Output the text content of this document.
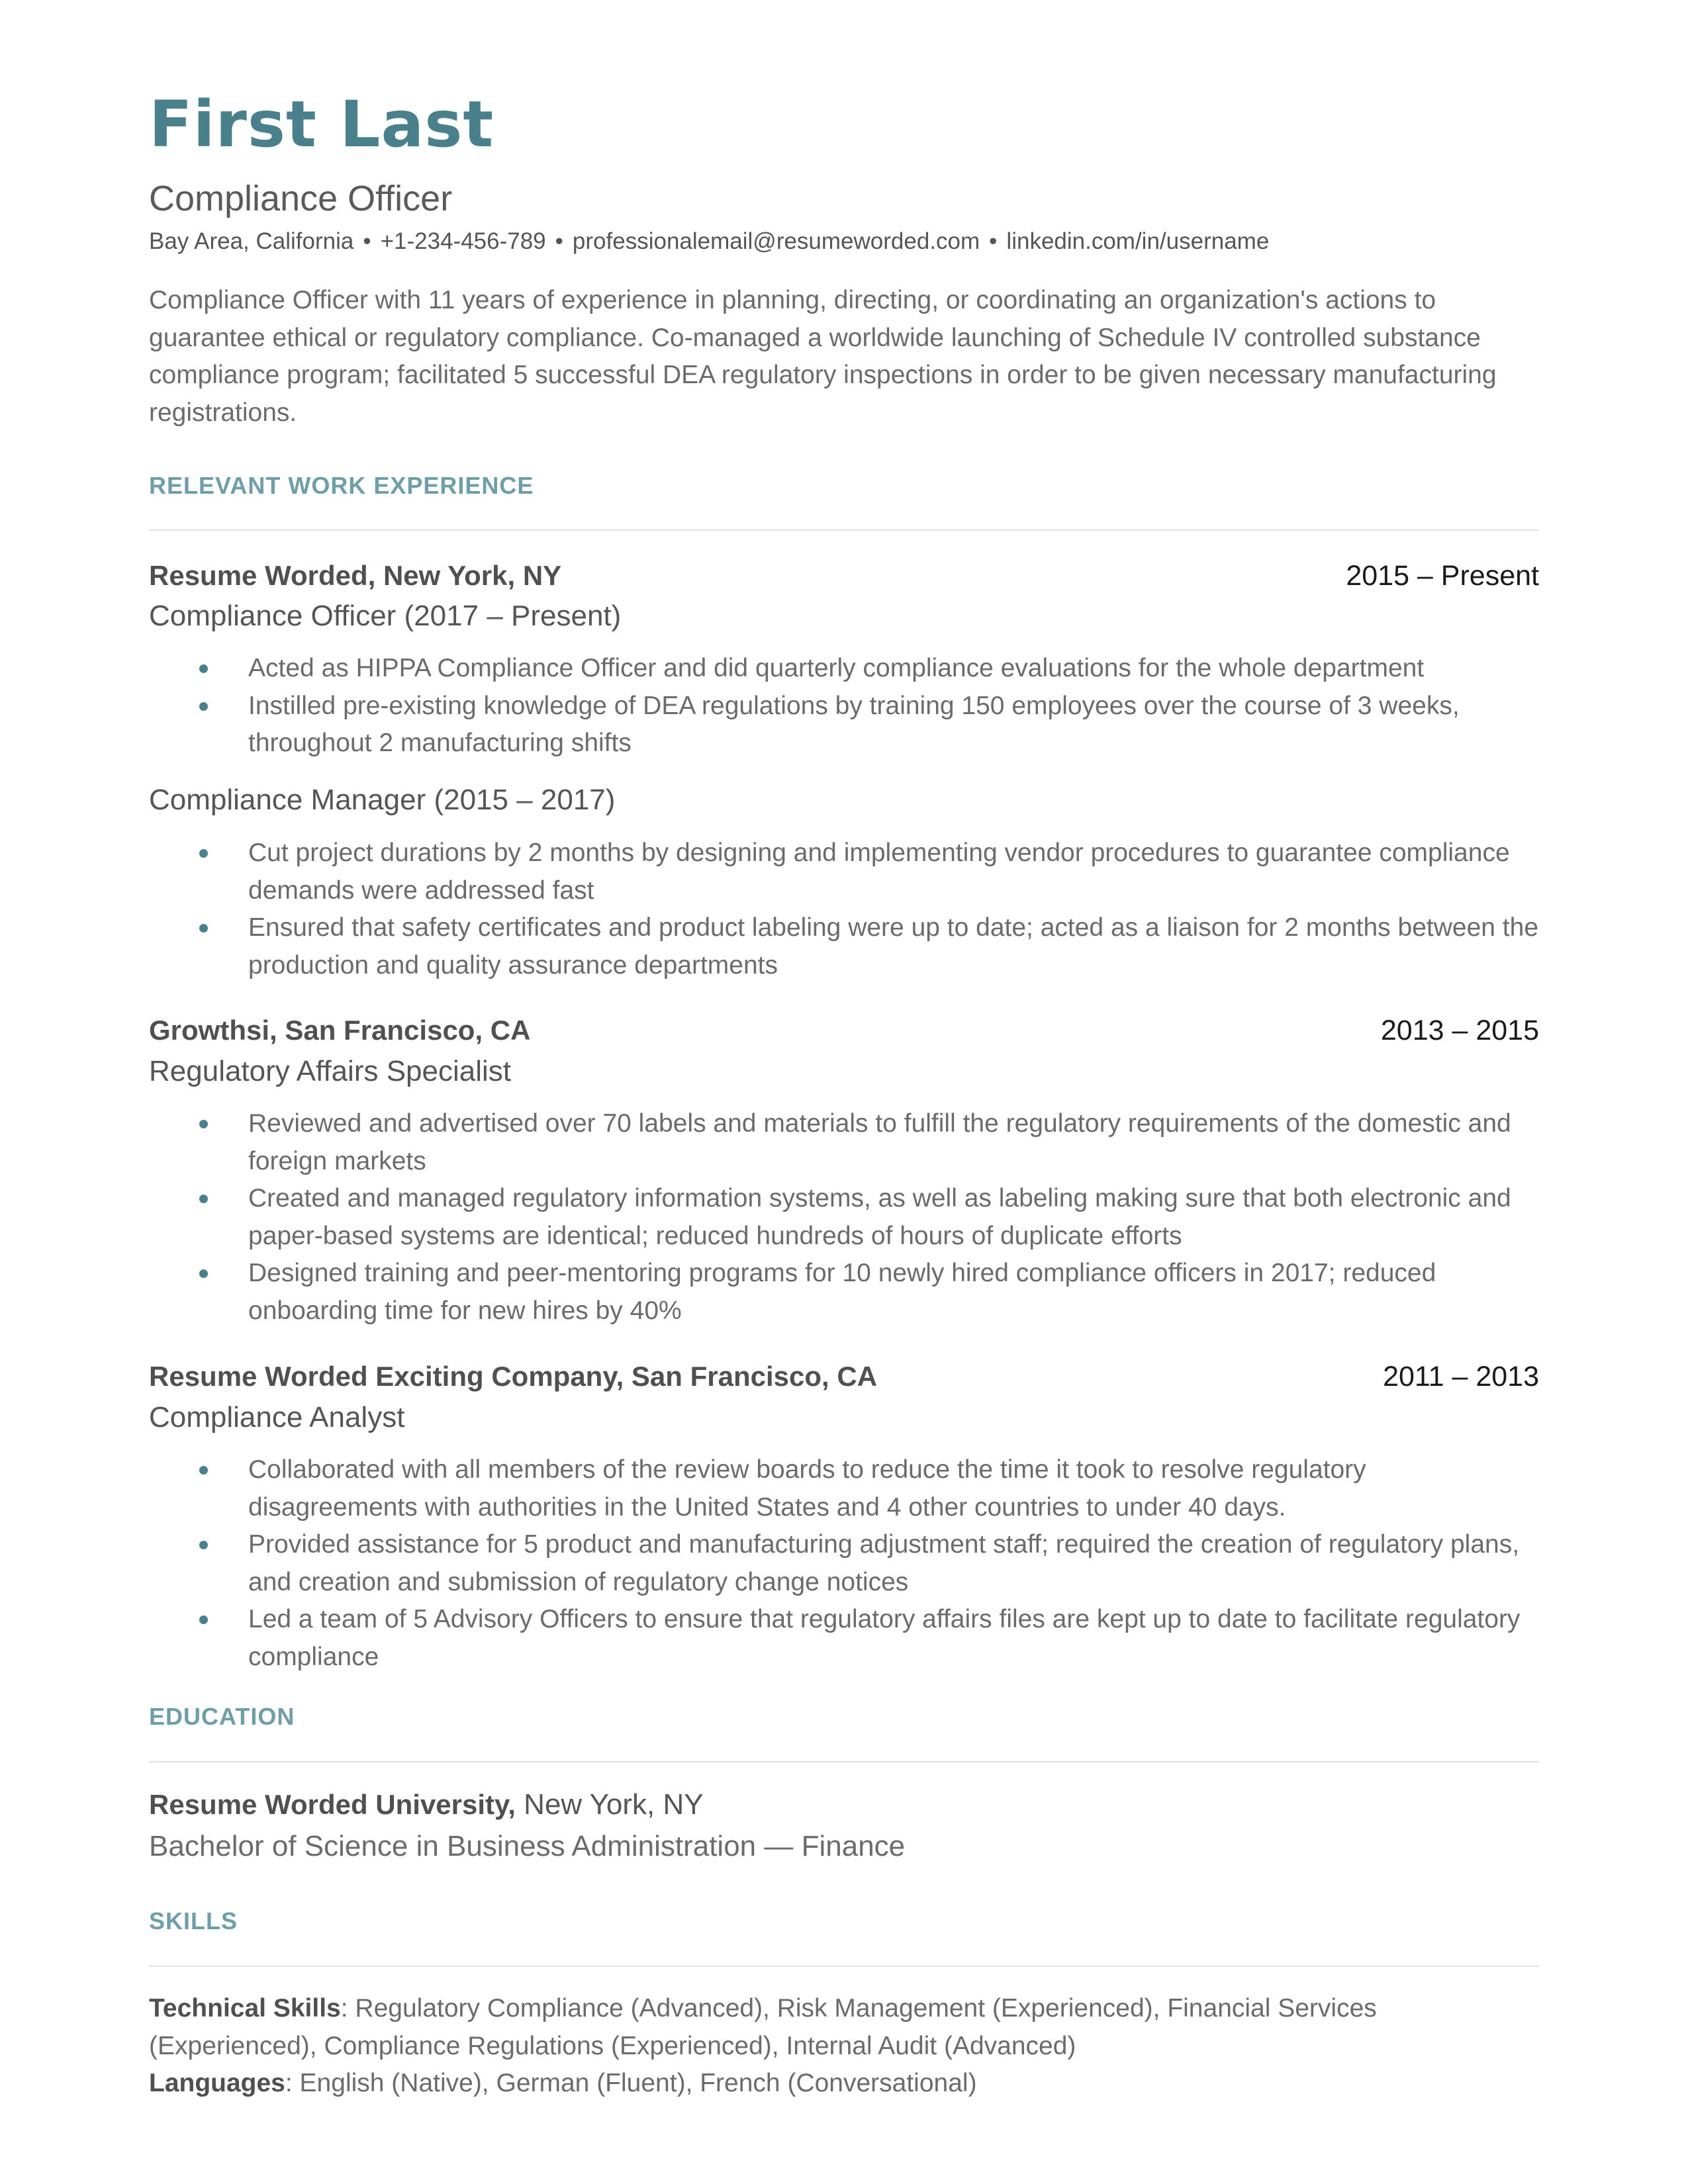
First Last
Compliance Officer
Bay Area, California • +1-234-456-789 • professionalemail@resumeworded.com • linkedin.com/in/username
Compliance Officer with 11 years of experience in planning, directing, or coordinating an organization's actions to guarantee ethical or regulatory compliance. Co-managed a worldwide launching of Schedule IV controlled substance compliance program; facilitated 5 successful DEA regulatory inspections in order to be given necessary manufacturing registrations.
RELEVANT WORK EXPERIENCE
Resume Worded, New York, NY	2015 – Present
Compliance Officer (2017 – Present)
Acted as HIPPA Compliance Officer and did quarterly compliance evaluations for the whole department
Instilled pre-existing knowledge of DEA regulations by training 150 employees over the course of 3 weeks, throughout 2 manufacturing shifts
Compliance Manager (2015 – 2017)
Cut project durations by 2 months by designing and implementing vendor procedures to guarantee compliance demands were addressed fast
Ensured that safety certificates and product labeling were up to date; acted as a liaison for 2 months between the production and quality assurance departments
Growthsi, San Francisco, CA	2013 – 2015
Regulatory Affairs Specialist
Reviewed and advertised over 70 labels and materials to fulfill the regulatory requirements of the domestic and foreign markets
Created and managed regulatory information systems, as well as labeling making sure that both electronic and paper-based systems are identical; reduced hundreds of hours of duplicate efforts
Designed training and peer-mentoring programs for 10 newly hired compliance officers in 2017; reduced onboarding time for new hires by 40%
Resume Worded Exciting Company, San Francisco, CA	2011 – 2013
Compliance Analyst
Collaborated with all members of the review boards to reduce the time it took to resolve regulatory disagreements with authorities in the United States and 4 other countries to under 40 days.
Provided assistance for 5 product and manufacturing adjustment staff; required the creation of regulatory plans, and creation and submission of regulatory change notices
Led a team of 5 Advisory Officers to ensure that regulatory affairs files are kept up to date to facilitate regulatory compliance
EDUCATION
Resume Worded University, New York, NY
Bachelor of Science in Business Administration — Finance
SKILLS
Technical Skills: Regulatory Compliance (Advanced), Risk Management (Experienced), Financial Services (Experienced), Compliance Regulations (Experienced), Internal Audit (Advanced)
Languages: English (Native), German (Fluent), French (Conversational)
